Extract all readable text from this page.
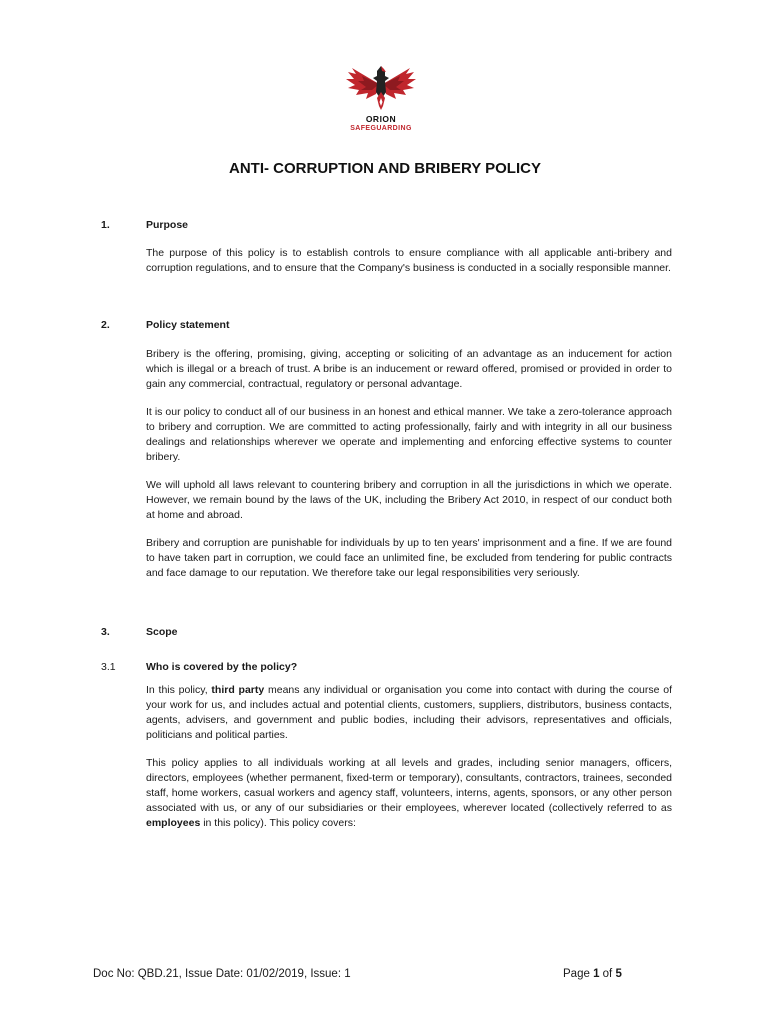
ORION
SAFEGUARDING
ANTI- CORRUPTION AND BRIBERY POLICY
1.	Purpose
The purpose of this policy is to establish controls to ensure compliance with all applicable anti-bribery and corruption regulations, and to ensure that the Company's business is conducted in a socially responsible manner.
2.	Policy statement
Bribery is the offering, promising, giving, accepting or soliciting of an advantage as an inducement for action which is illegal or a breach of trust. A bribe is an inducement or reward offered, promised or provided in order to gain any commercial, contractual, regulatory or personal advantage.
It is our policy to conduct all of our business in an honest and ethical manner. We take a zero-tolerance approach to bribery and corruption. We are committed to acting professionally, fairly and with integrity in all our business dealings and relationships wherever we operate and implementing and enforcing effective systems to counter bribery.
We will uphold all laws relevant to countering bribery and corruption in all the jurisdictions in which we operate. However, we remain bound by the laws of the UK, including the Bribery Act 2010, in respect of our conduct both at home and abroad.
Bribery and corruption are punishable for individuals by up to ten years' imprisonment and a fine. If we are found to have taken part in corruption, we could face an unlimited fine, be excluded from tendering for public contracts and face damage to our reputation. We therefore take our legal responsibilities very seriously.
3.	Scope
3.1	Who is covered by the policy?
In this policy, third party means any individual or organisation you come into contact with during the course of your work for us, and includes actual and potential clients, customers, suppliers, distributors, business contacts, agents, advisers, and government and public bodies, including their advisors, representatives and officials, politicians and political parties.
This policy applies to all individuals working at all levels and grades, including senior managers, officers, directors, employees (whether permanent, fixed-term or temporary), consultants, contractors, trainees, seconded staff, home workers, casual workers and agency staff, volunteers, interns, agents, sponsors, or any other person associated with us, or any of our subsidiaries or their employees, wherever located (collectively referred to as employees in this policy). This policy covers:
Doc No: QBD.21, Issue Date: 01/02/2019, Issue: 1	Page 1 of 5
